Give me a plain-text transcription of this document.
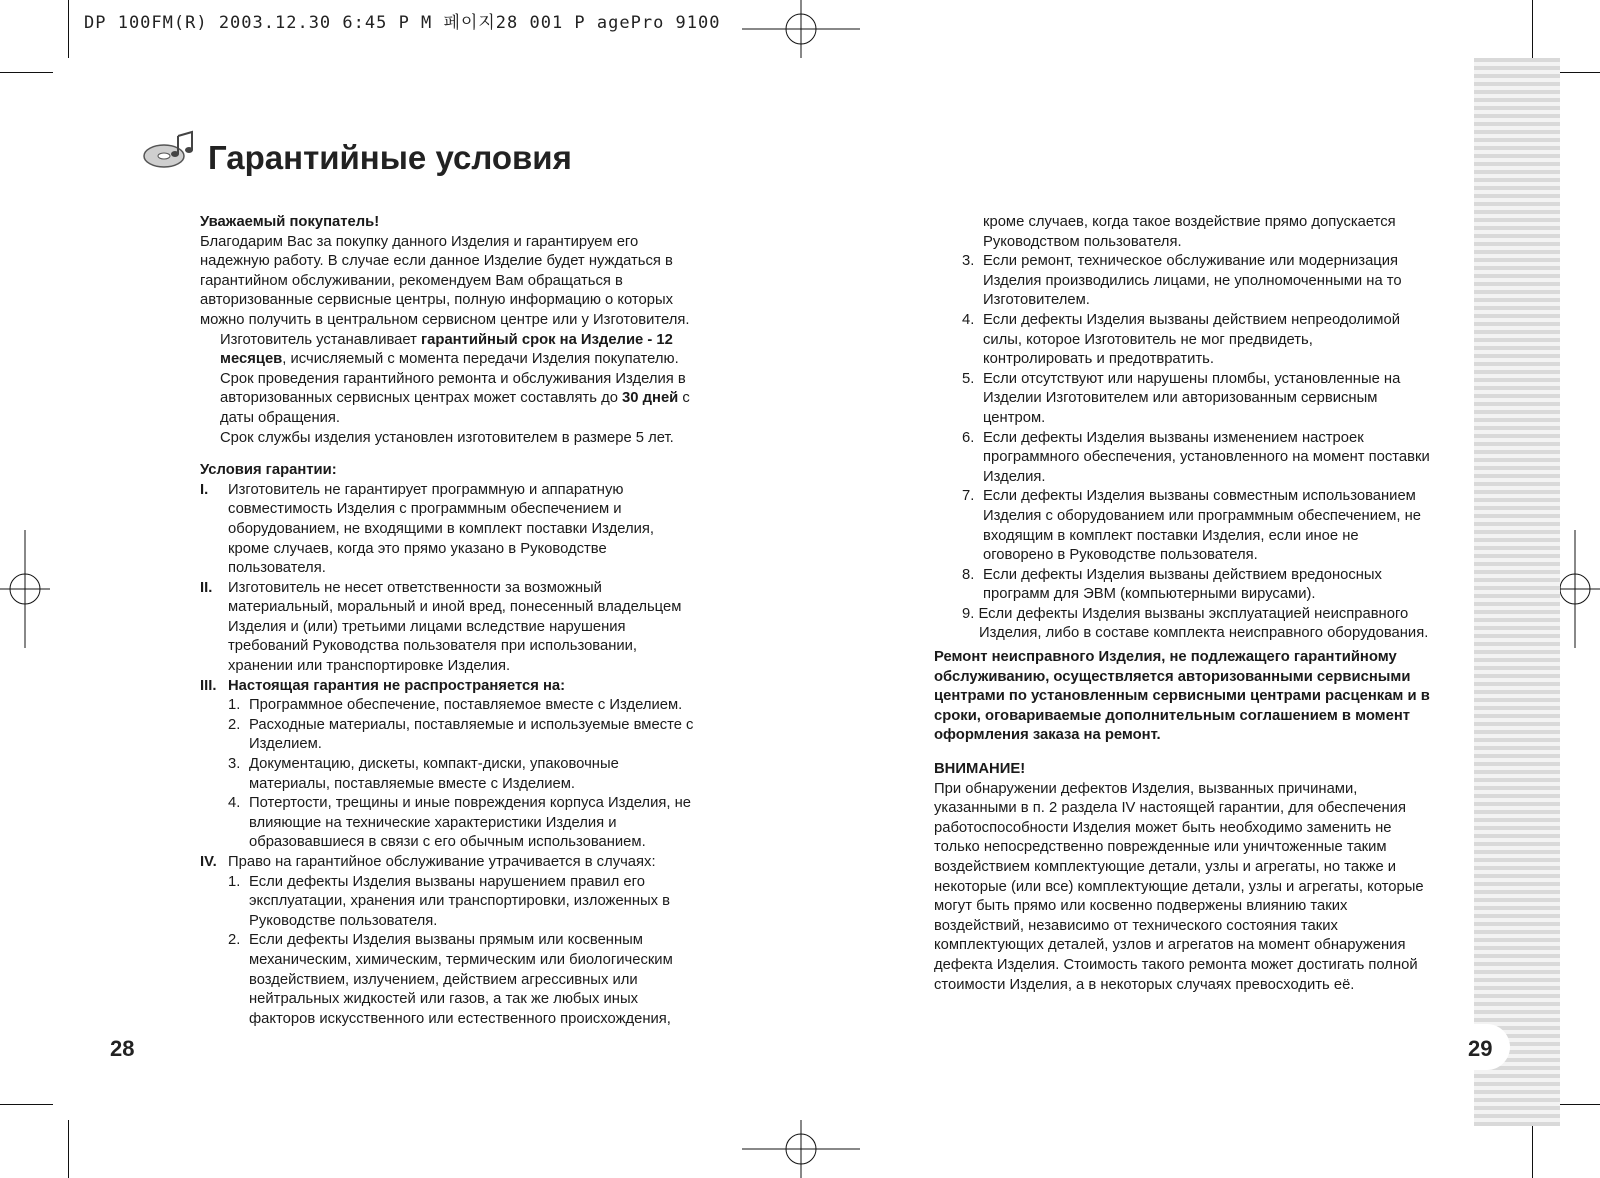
DP 100FM(R) 2003.12.30 6:45 P M 페이지28 001 P agePro 9100
Гарантийные условия

Уважаемый покупатель!

Благодарим Вас за покупку данного Изделия и гарантируем его

надежную работу. В случае если данное Изделие будет нуждаться в

гарантийном обслуживании, рекомендуем Вам обращаться в

авторизованные сервисные центры, полную информацию о которых

можно получить в центральном сервисном центре или у Изготовителя.

Изготовитель устанавливает гарантийный срок на Изделие - 12

месяцев, исчисляемый с момента передачи Изделия покупателю.

Срок проведения гарантийного ремонта и обслуживания Изделия в

авторизованных сервисных центрах может составлять до 30 дней с

даты обращения.

Срок службы изделия установлен изготовителем в размере 5 лет.

Условия гарантии:

I. Изготовитель не гарантирует программную и аппаратную

совместимость Изделия с программным обеспечением и

оборудованием, не входящими в комплект поставки Изделия,

кроме случаев, когда это прямо указано в Руководстве

пользователя.

II. Изготовитель не несет ответственности за возможный

материальный, моральный и иной вред, понесенный владельцем

Изделия и (или) третьими лицами вследствие нарушения

требований Руководства пользователя при использовании,

хранении или транспортировке Изделия.

III. Настоящая гарантия не распространяется на:

1. Программное обеспечение, поставляемое вместе с Изделием.

2. Расходные материалы, поставляемые и используемые вместе с

Изделием.

3. Документацию, дискеты, компакт-диски, упаковочные

материалы, поставляемые вместе с Изделием.

4. Потертости, трещины и иные повреждения корпуса Изделия, не

влияющие на технические характеристики Изделия и

образовавшиеся в связи с его обычным использованием.

IV. Право на гарантийное обслуживание утрачивается в случаях:

1. Если дефекты Изделия вызваны нарушением правил его

эксплуатации, хранения или транспортировки, изложенных в

Руководстве пользователя.

2. Если дефекты Изделия вызваны прямым или косвенным

механическим, химическим, термическим или биологическим

воздействием, излучением, действием агрессивных или

нейтральных жидкостей или газов, а так же любых иных

факторов искусственного или естественного происхождения,

кроме случаев, когда такое воздействие прямо допускается

Руководством пользователя.

3. Если ремонт, техническое обслуживание или модернизация

Изделия производились лицами, не уполномоченными на то

Изготовителем.

4. Если дефекты Изделия вызваны действием непреодолимой

силы, которое Изготовитель не мог предвидеть,

контролировать и предотвратить.

5. Если отсутствуют или нарушены пломбы, установленные на

Изделии Изготовителем или авторизованным сервисным

центром.

6. Если дефекты Изделия вызваны изменением настроек

программного обеспечения, установленного на момент поставки

Изделия.

7. Если дефекты Изделия вызваны совместным использованием

Изделия с оборудованием или программным обеспечением, не

входящим в комплект поставки Изделия, если иное не

оговорено в Руководстве пользователя.

8. Если дефекты Изделия вызваны действием вредоносных

программ для ЭВМ (компьютерными вирусами).

9. Если дефекты Изделия вызваны эксплуатацией неисправного

Изделия, либо в составе комплекта неисправного оборудования.

Ремонт неисправного Изделия, не подлежащего гарантийному

обслуживанию, осуществляется авторизованными сервисными

центрами по установленным сервисными центрами расценкам и в

сроки, оговариваемые дополнительным соглашением в момент

оформления заказа на ремонт.

ВНИМАНИЕ!

При обнаружении дефектов Изделия, вызванных причинами,

указанными в п. 2 раздела IV настоящей гарантии, для обеспечения

работоспособности Изделия может быть необходимо заменить не

только непосредственно поврежденные или уничтоженные таким

воздействием комплектующие детали, узлы и агрегаты, но также и

некоторые (или все) комплектующие детали, узлы и агрегаты, которые

могут быть прямо или косвенно подвержены влиянию таких

воздействий, независимо от технического состояния таких

комплектующих деталей, узлов и агрегатов на момент обнаружения

дефекта Изделия. Стоимость такого ремонта может достигать полной

стоимости Изделия, а в некоторых случаях превосходить её.

28	29
